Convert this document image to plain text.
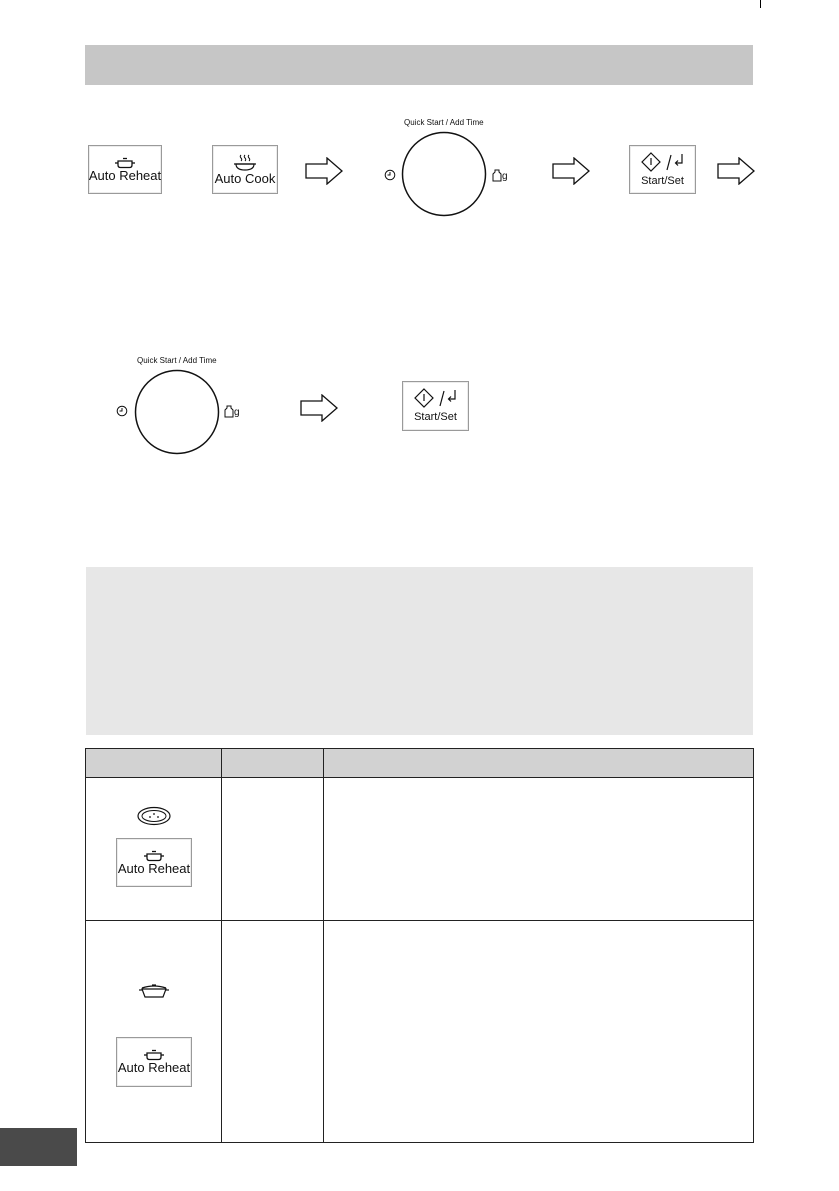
Auto Reheat	Auto Cook
Quick Start / Add Time
g	Start/Set
Quick Start / Add Time
g	Start/Set

Auto Reheat		

Auto Reheat		
